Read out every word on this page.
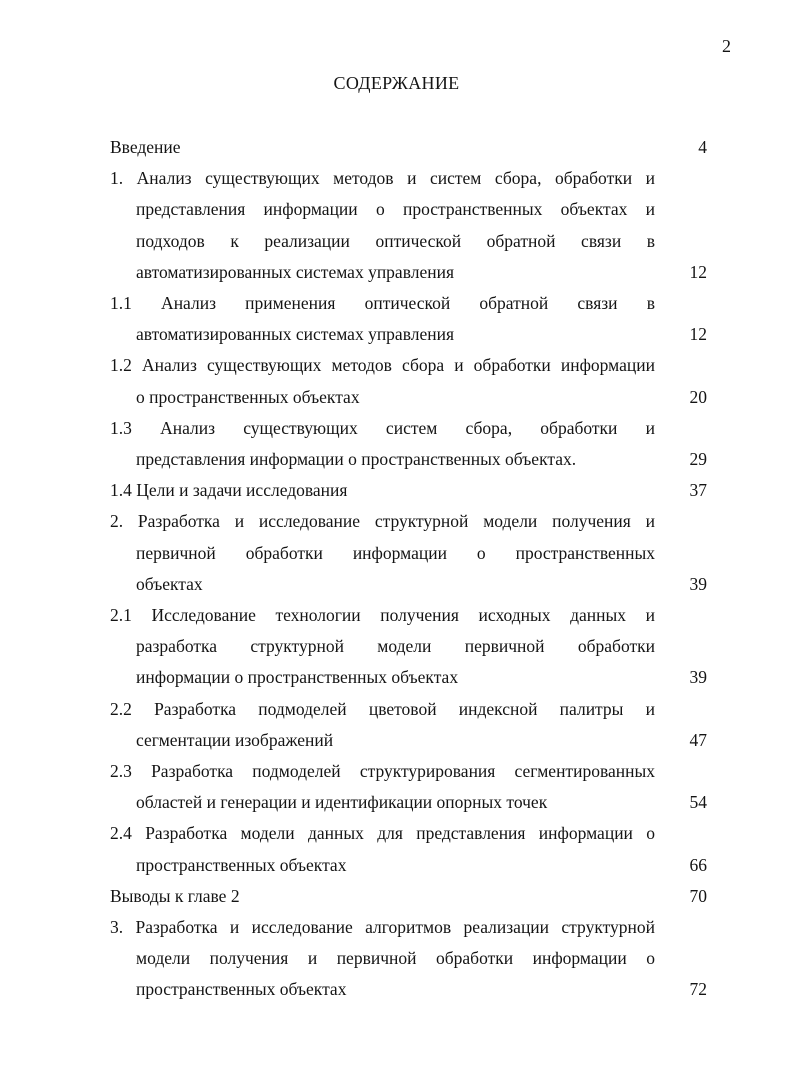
2
СОДЕРЖАНИЕ
Введение	4
1. Анализ существующих методов и систем сбора, обработки и
представления информации о пространственных объектах и
подходов к реализации оптической обратной связи в
автоматизированных системах управления	12
1.1 Анализ применения оптической обратной связи в
автоматизированных системах управления	12
1.2 Анализ существующих методов сбора и обработки информации
о пространственных объектах	20
1.3 Анализ существующих систем сбора, обработки и
представления информации о пространственных объектах.	29
1.4 Цели и задачи исследования	37
2. Разработка и исследование структурной модели получения и
первичной обработки информации о пространственных
объектах	39
2.1 Исследование технологии получения исходных данных и
разработка структурной модели первичной обработки
информации о пространственных объектах	39
2.2 Разработка подмоделей цветовой индексной палитры и
сегментации изображений	47
2.3 Разработка подмоделей структурирования сегментированных
областей и генерации и идентификации опорных точек	54
2.4 Разработка модели данных для представления информации о
пространственных объектах	66
Выводы к главе 2	70
3. Разработка и исследование алгоритмов реализации структурной
модели получения и первичной обработки информации о
пространственных объектах	72
